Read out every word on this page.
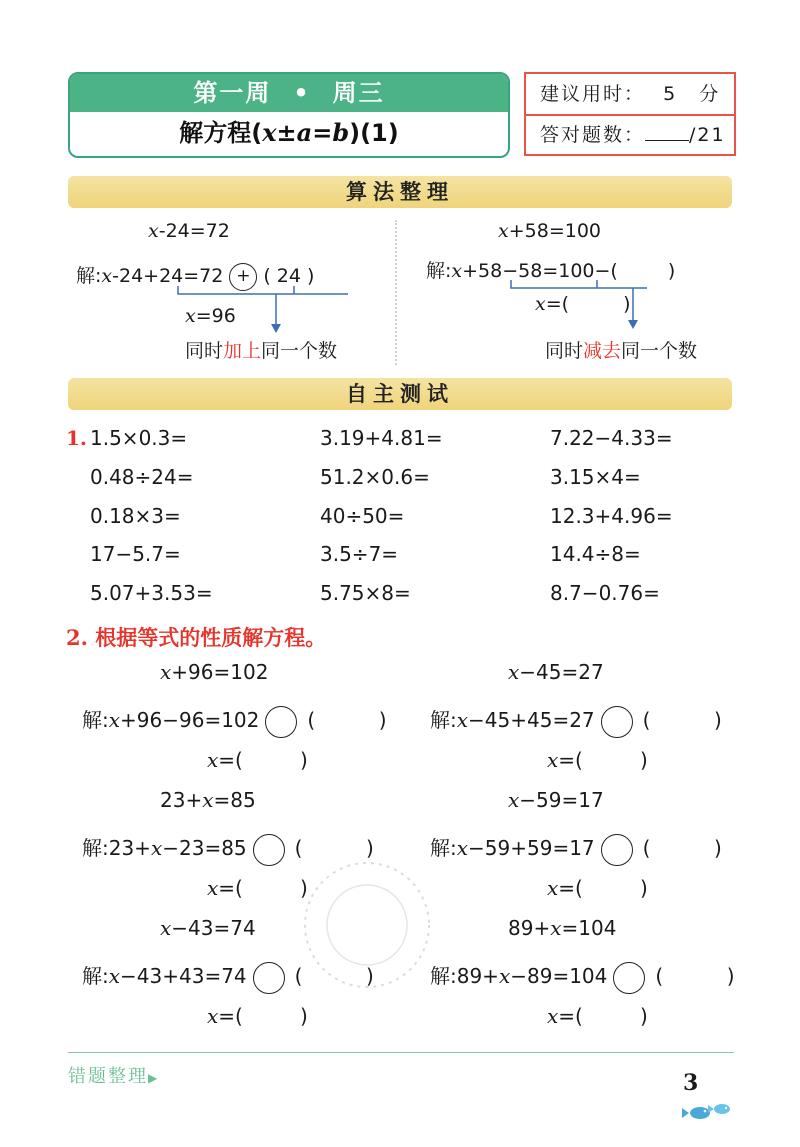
第一周 • 周三
解方程(x±a=b)(1)
建议用时： 5 分
答对题数： /21
算法整理
x-24=72
解:x-24+24=72 + ( 24 )
x=96
同时加上同一个数
x+58=100
解:x+58−58=100−(	)
x=(	)
同时减去同一个数
自主测试
1. 1.5×0.3=	3.19+4.81=	7.22−4.33=
0.48÷24=	51.2×0.6=	3.15×4=
0.18×3=	40÷50=	12.3+4.96=
17−5.7=	3.5÷7=	14.4÷8=
5.07+3.53=	5.75×8=	8.7−0.76=
2. 根据等式的性质解方程。
x+96=102
解:x+96−96=102 (          )
x=(         )
x−45=27
解:x−45+45=27 (          )
x=(         )
23+x=85
解:23+x−23=85 (          )
x=(         )
x−59=17
解:x−59+59=17 (          )
x=(         )
x−43=74
解:x−43+43=74 (          )
x=(         )
89+x=104
解:89+x−89=104 (          )
x=(         )
错题整理▶	3
